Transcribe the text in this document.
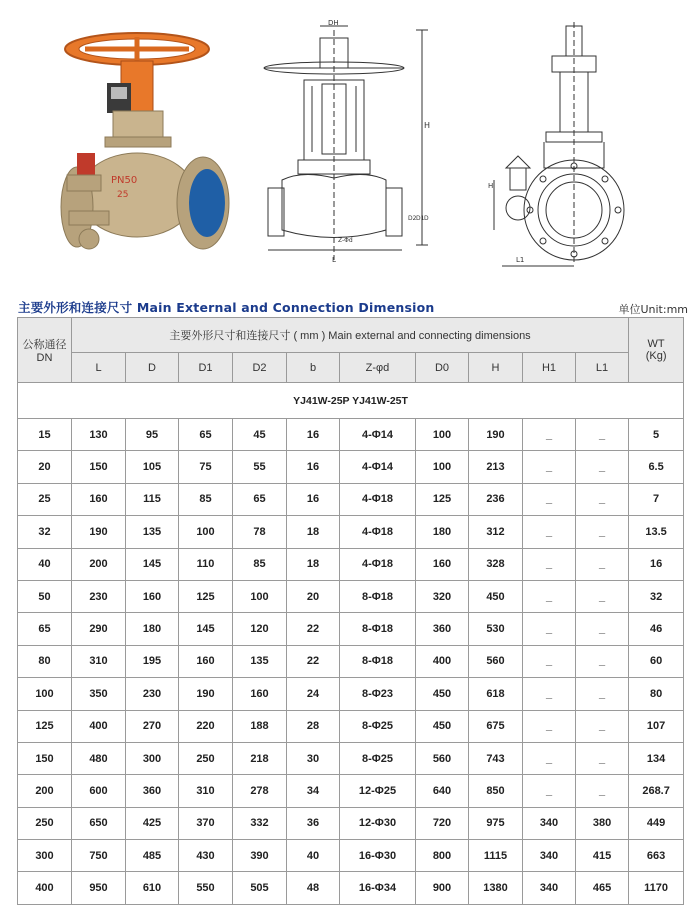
PN50
25
DH
H
L
Z-Φd
D2 D1 D
H
L1
主要外形和连接尺寸 Main External and Connection Dimension	单位Unit:mm
公称通径
DN	主要外形尺寸和连接尺寸 ( mm ) Main external and connecting dimensions										WT
(Kg)
	L	D	D1	D2	b	Z-φd	D0	H	H1	L1	
YJ41W-25P YJ41W-25T											
15	130	95	65	45	16	4-Φ14	100	190	_	_	5
20	150	105	75	55	16	4-Φ14	100	213	_	_	6.5
25	160	115	85	65	16	4-Φ18	125	236	_	_	7
32	190	135	100	78	18	4-Φ18	180	312	_	_	13.5
40	200	145	110	85	18	4-Φ18	160	328	_	_	16
50	230	160	125	100	20	8-Φ18	320	450	_	_	32
65	290	180	145	120	22	8-Φ18	360	530	_	_	46
80	310	195	160	135	22	8-Φ18	400	560	_	_	60
100	350	230	190	160	24	8-Φ23	450	618	_	_	80
125	400	270	220	188	28	8-Φ25	450	675	_	_	107
150	480	300	250	218	30	8-Φ25	560	743	_	_	134
200	600	360	310	278	34	12-Φ25	640	850	_	_	268.7
250	650	425	370	332	36	12-Φ30	720	975	340	380	449
300	750	485	430	390	40	16-Φ30	800	1115	340	415	663
400	950	610	550	505	48	16-Φ34	900	1380	340	465	1170
